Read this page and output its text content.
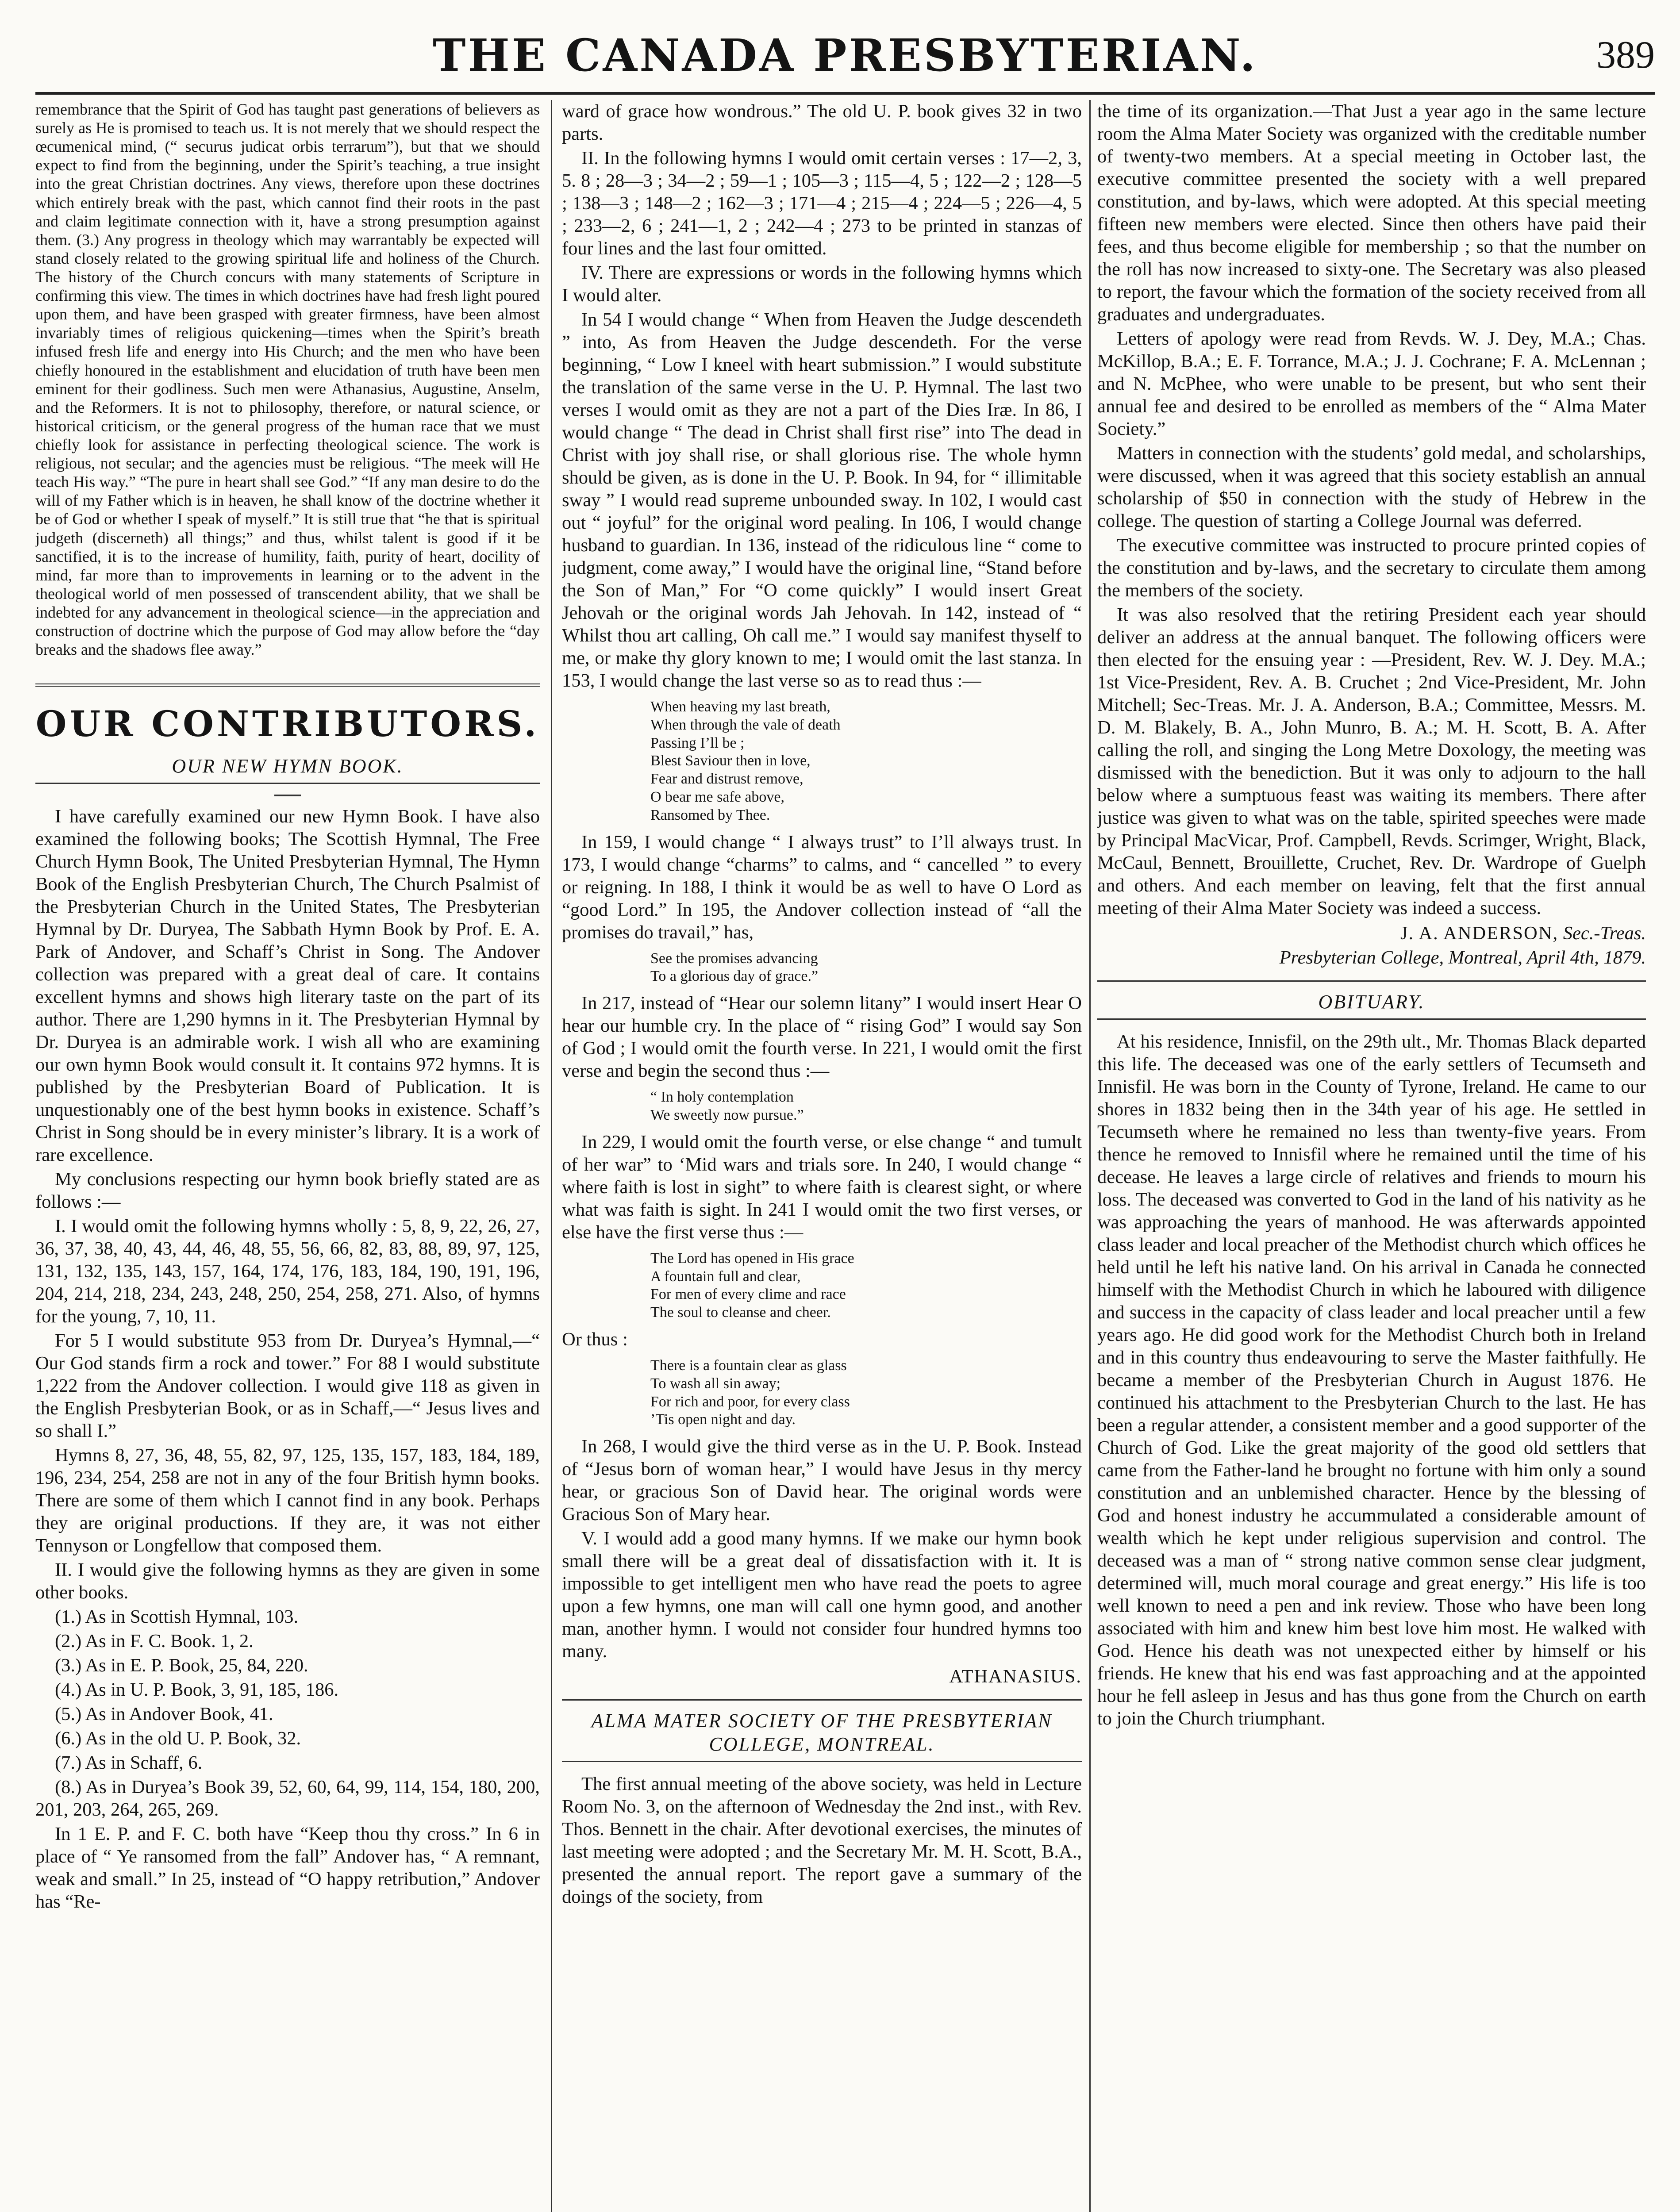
THE CANADA PRESBYTERIAN.	389

remembrance that the Spirit of God has taught past generations of believers as surely as He is promised to teach us. It is not merely that we should respect the œcumenical mind, (“ securus judicat orbis terrarum”), but that we should expect to find from the beginning, under the Spirit’s teaching, a true insight into the great Christian doctrines. Any views, therefore upon these doctrines which entirely break with the past, which cannot find their roots in the past and claim legitimate connection with it, have a strong presumption against them. (3.) Any progress in theology which may warrantably be expected will stand closely related to the growing spiritual life and holiness of the Church. The history of the Church concurs with many statements of Scripture in confirming this view. The times in which doctrines have had fresh light poured upon them, and have been grasped with greater firmness, have been almost invariably times of religious quickening—times when the Spirit’s breath infused fresh life and energy into His Church; and the men who have been chiefly honoured in the establishment and elucidation of truth have been men eminent for their godliness. Such men were Athanasius, Augustine, Anselm, and the Reformers. It is not to philosophy, therefore, or natural science, or historical criticism, or the general progress of the human race that we must chiefly look for assistance in perfecting theological science. The work is religious, not secular; and the agencies must be religious. “The meek will He teach His way.” “The pure in heart shall see God.” “If any man desire to do the will of my Father which is in heaven, he shall know of the doctrine whether it be of God or whether I speak of myself.” It is still true that “he that is spiritual judgeth (discerneth) all things;” and thus, whilst talent is good if it be sanctified, it is to the increase of humility, faith, purity of heart, docility of mind, far more than to improvements in learning or to the advent in the theological world of men possessed of transcendent ability, that we shall be indebted for any advancement in theological science—in the appreciation and construction of doctrine which the purpose of God may allow before the “day breaks and the shadows flee away.”

OUR CONTRIBUTORS.
OUR NEW HYMN BOOK.

I have carefully examined our new Hymn Book. I have also examined the following books; The Scottish Hymnal, The Free Church Hymn Book, The United Presbyterian Hymnal, The Hymn Book of the English Presbyterian Church, The Church Psalmist of the Presbyterian Church in the United States, The Presbyterian Hymnal by Dr. Duryea, The Sabbath Hymn Book by Prof. E. A. Park of Andover, and Schaff’s Christ in Song. The Andover collection was prepared with a great deal of care. It contains excellent hymns and shows high literary taste on the part of its author. There are 1,290 hymns in it. The Presbyterian Hymnal by Dr. Duryea is an admirable work. I wish all who are examining our own hymn Book would consult it. It contains 972 hymns. It is published by the Presbyterian Board of Publication. It is unquestionably one of the best hymn books in existence. Schaff’s Christ in Song should be in every minister’s library. It is a work of rare excellence.

My conclusions respecting our hymn book briefly stated are as follows :—

I. I would omit the following hymns wholly : 5, 8, 9, 22, 26, 27, 36, 37, 38, 40, 43, 44, 46, 48, 55, 56, 66, 82, 83, 88, 89, 97, 125, 131, 132, 135, 143, 157, 164, 174, 176, 183, 184, 190, 191, 196, 204, 214, 218, 234, 243, 248, 250, 254, 258, 271. Also, of hymns for the young, 7, 10, 11.

For 5 I would substitute 953 from Dr. Duryea’s Hymnal,—“ Our God stands firm a rock and tower.” For 88 I would substitute 1,222 from the Andover collection. I would give 118 as given in the English Presbyterian Book, or as in Schaff,—“ Jesus lives and so shall I.”

Hymns 8, 27, 36, 48, 55, 82, 97, 125, 135, 157, 183, 184, 189, 196, 234, 254, 258 are not in any of the four British hymn books. There are some of them which I cannot find in any book. Perhaps they are original productions. If they are, it was not either Tennyson or Longfellow that composed them.

II. I would give the following hymns as they are given in some other books.

(1.) As in Scottish Hymnal, 103.

(2.) As in F. C. Book. 1, 2.

(3.) As in E. P. Book, 25, 84, 220.

(4.) As in U. P. Book, 3, 91, 185, 186.

(5.) As in Andover Book, 41.

(6.) As in the old U. P. Book, 32.

(7.) As in Schaff, 6.

(8.) As in Duryea’s Book 39, 52, 60, 64, 99, 114, 154, 180, 200, 201, 203, 264, 265, 269.

In 1 E. P. and F. C. both have “Keep thou thy cross.” In 6 in place of “ Ye ransomed from the fall” Andover has, “ A remnant, weak and small.” In 25, instead of “O happy retribution,” Andover has “Re-

ward of grace how wondrous.” The old U. P. book gives 32 in two parts.

II. In the following hymns I would omit certain verses : 17—2, 3, 5. 8 ; 28—3 ; 34—2 ; 59—1 ; 105—3 ; 115—4, 5 ; 122—2 ; 128—5 ; 138—3 ; 148—2 ; 162—3 ; 171—4 ; 215—4 ; 224—5 ; 226—4, 5 ; 233—2, 6 ; 241—1, 2 ; 242—4 ; 273 to be printed in stanzas of four lines and the last four omitted.

IV. There are expressions or words in the following hymns which I would alter.

In 54 I would change “ When from Heaven the Judge descendeth ” into, As from Heaven the Judge descendeth. For the verse beginning, “ Low I kneel with heart submission.” I would substitute the translation of the same verse in the U. P. Hymnal. The last two verses I would omit as they are not a part of the Dies Iræ. In 86, I would change “ The dead in Christ shall first rise” into The dead in Christ with joy shall rise, or shall glorious rise. The whole hymn should be given, as is done in the U. P. Book. In 94, for “ illimitable sway ” I would read supreme unbounded sway. In 102, I would cast out “ joyful” for the original word pealing. In 106, I would change husband to guardian. In 136, instead of the ridiculous line “ come to judgment, come away,” I would have the original line, “Stand before the Son of Man,” For “O come quickly” I would insert Great Jehovah or the original words Jah Jehovah. In 142, instead of “ Whilst thou art calling, Oh call me.” I would say manifest thyself to me, or make thy glory known to me; I would omit the last stanza. In 153, I would change the last verse so as to read thus :—

When heaving my last breath,
When through the vale of death
Passing I’ll be ;
Blest Saviour then in love,
Fear and distrust remove,
O bear me safe above,
Ransomed by Thee.

In 159, I would change “ I always trust” to I’ll always trust. In 173, I would change “charms” to calms, and “ cancelled ” to every or reigning. In 188, I think it would be as well to have O Lord as “good Lord.” In 195, the Andover collection instead of “all the promises do travail,” has,

See the promises advancing
To a glorious day of grace.”

In 217, instead of “Hear our solemn litany” I would insert Hear O hear our humble cry. In the place of “ rising God” I would say Son of God ; I would omit the fourth verse. In 221, I would omit the first verse and begin the second thus :—

“ In holy contemplation
We sweetly now pursue.”

In 229, I would omit the fourth verse, or else change “ and tumult of her war” to ‘Mid wars and trials sore. In 240, I would change “ where faith is lost in sight” to where faith is clearest sight, or where what was faith is sight. In 241 I would omit the two first verses, or else have the first verse thus :—

The Lord has opened in His grace
A fountain full and clear,
For men of every clime and race
The soul to cleanse and cheer.

Or thus :

There is a fountain clear as glass
To wash all sin away;
For rich and poor, for every class
’Tis open night and day.

In 268, I would give the third verse as in the U. P. Book. Instead of “Jesus born of woman hear,” I would have Jesus in thy mercy hear, or gracious Son of David hear. The original words were Gracious Son of Mary hear.

V. I would add a good many hymns. If we make our hymn book small there will be a great deal of dissatisfaction with it. It is impossible to get intelligent men who have read the poets to agree upon a few hymns, one man will call one hymn good, and another man, another hymn. I would not consider four hundred hymns too many.

ATHANASIUS.

ALMA MATER SOCIETY OF THE PRESBYTERIAN COLLEGE, MONTREAL.

The first annual meeting of the above society, was held in Lecture Room No. 3, on the afternoon of Wednesday the 2nd inst., with Rev. Thos. Bennett in the chair. After devotional exercises, the minutes of last meeting were adopted ; and the Secretary Mr. M. H. Scott, B.A., presented the annual report. The report gave a summary of the doings of the society, from

the time of its organization.—That Just a year ago in the same lecture room the Alma Mater Society was organized with the creditable number of twenty-two members. At a special meeting in October last, the executive committee presented the society with a well prepared constitution, and by-laws, which were adopted. At this special meeting fifteen new members were elected. Since then others have paid their fees, and thus become eligible for membership ; so that the number on the roll has now increased to sixty-one. The Secretary was also pleased to report, the favour which the formation of the society received from all graduates and undergraduates.

Letters of apology were read from Revds. W. J. Dey, M.A.; Chas. McKillop, B.A.; E. F. Torrance, M.A.; J. J. Cochrane; F. A. McLennan ; and N. McPhee, who were unable to be present, but who sent their annual fee and desired to be enrolled as members of the “ Alma Mater Society.”

Matters in connection with the students’ gold medal, and scholarships, were discussed, when it was agreed that this society establish an annual scholarship of $50 in connection with the study of Hebrew in the college. The question of starting a College Journal was deferred.

The executive committee was instructed to procure printed copies of the constitution and by-laws, and the secretary to circulate them among the members of the society.

It was also resolved that the retiring President each year should deliver an address at the annual banquet. The following officers were then elected for the ensuing year : —President, Rev. W. J. Dey. M.A.; 1st Vice-President, Rev. A. B. Cruchet ; 2nd Vice-President, Mr. John Mitchell; Sec-Treas. Mr. J. A. Anderson, B.A.; Committee, Messrs. M. D. M. Blakely, B. A., John Munro, B. A.; M. H. Scott, B. A. After calling the roll, and singing the Long Metre Doxology, the meeting was dismissed with the benediction. But it was only to adjourn to the hall below where a sumptuous feast was waiting its members. There after justice was given to what was on the table, spirited speeches were made by Principal MacVicar, Prof. Campbell, Revds. Scrimger, Wright, Black, McCaul, Bennett, Brouillette, Cruchet, Rev. Dr. Wardrope of Guelph and others. And each member on leaving, felt that the first annual meeting of their Alma Mater Society was indeed a success.

J. A. ANDERSON, Sec.-Treas.

Presbyterian College, Montreal, April 4th, 1879.

OBITUARY.

At his residence, Innisfil, on the 29th ult., Mr. Thomas Black departed this life. The deceased was one of the early settlers of Tecumseth and Innisfil. He was born in the County of Tyrone, Ireland. He came to our shores in 1832 being then in the 34th year of his age. He settled in Tecumseth where he remained no less than twenty-five years. From thence he removed to Innisfil where he remained until the time of his decease. He leaves a large circle of relatives and friends to mourn his loss. The deceased was converted to God in the land of his nativity as he was approaching the years of manhood. He was afterwards appointed class leader and local preacher of the Methodist church which offices he held until he left his native land. On his arrival in Canada he connected himself with the Methodist Church in which he laboured with diligence and success in the capacity of class leader and local preacher until a few years ago. He did good work for the Methodist Church both in Ireland and in this country thus endeavouring to serve the Master faithfully. He became a member of the Presbyterian Church in August 1876. He continued his attachment to the Presbyterian Church to the last. He has been a regular attender, a consistent member and a good supporter of the Church of God. Like the great majority of the good old settlers that came from the Father-land he brought no fortune with him only a sound constitution and an unblemished character. Hence by the blessing of God and honest industry he accummulated a considerable amount of wealth which he kept under religious supervision and control. The deceased was a man of “ strong native common sense clear judgment, determined will, much moral courage and great energy.” His life is too well known to need a pen and ink review. Those who have been long associated with him and knew him best love him most. He walked with God. Hence his death was not unexpected either by himself or his friends. He knew that his end was fast approaching and at the appointed hour he fell asleep in Jesus and has thus gone from the Church on earth to join the Church triumphant.
